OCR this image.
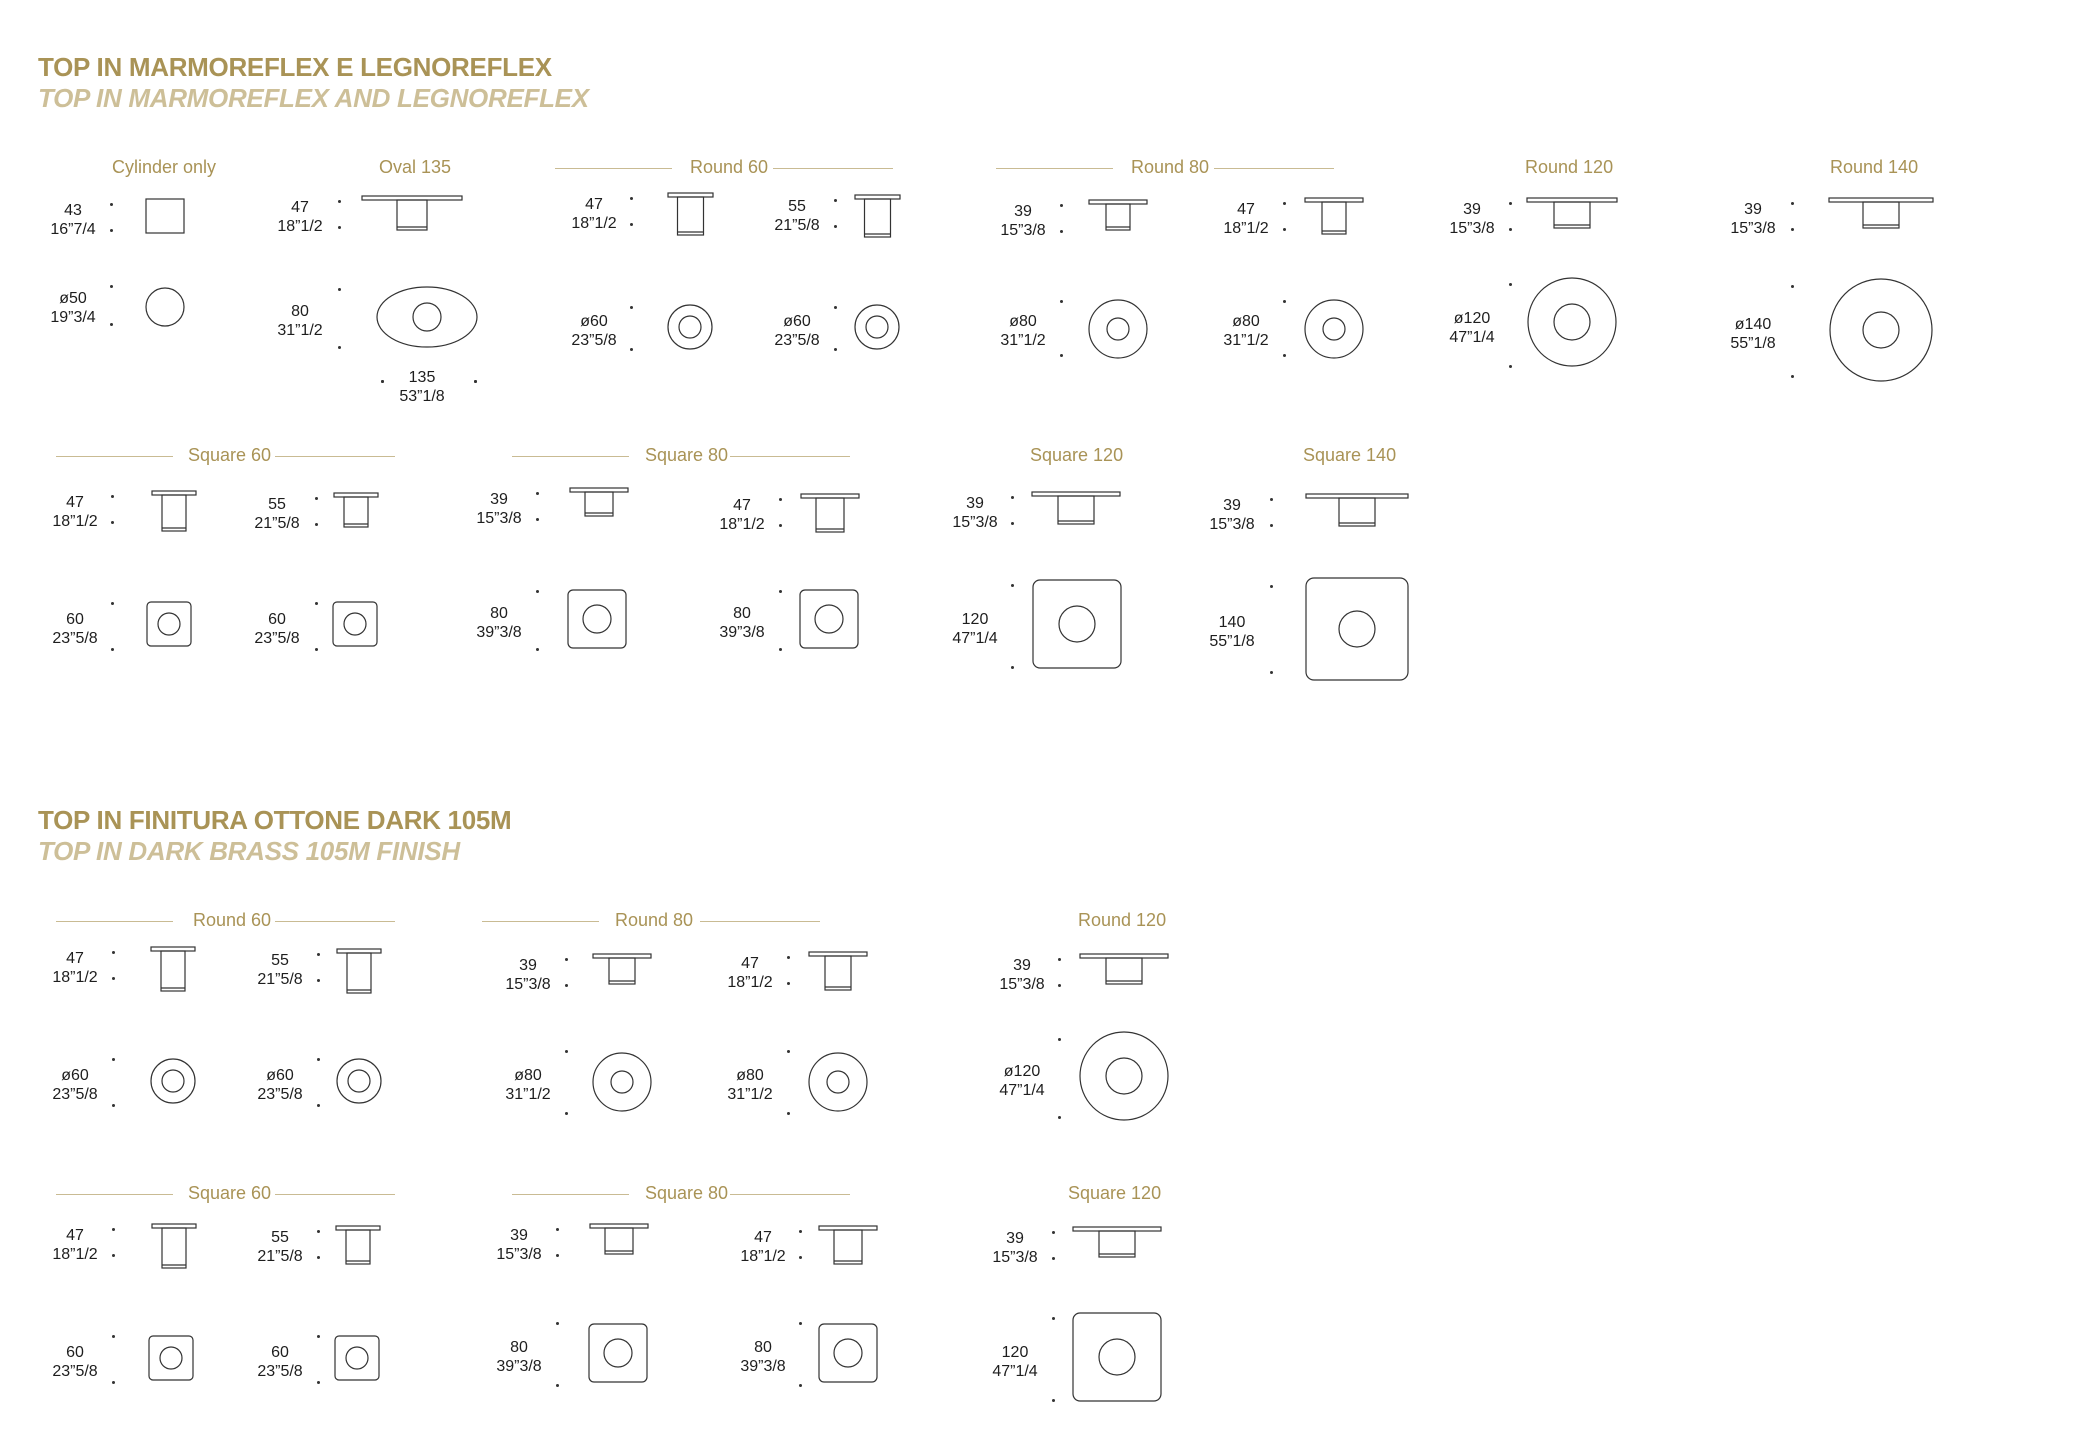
TOP IN MARMOREFLEX E LEGNOREFLEX
TOP IN MARMOREFLEX AND LEGNOREFLEX
TOP IN FINITURA OTTONE DARK 105M
TOP IN DARK BRASS 105M FINISH
Cylinder only
43
16”7/4
ø50
19”3/4
Oval 135
47
18”1/2
80
31”1/2
135
53”1/8
Round 60
47
18”1/2
ø60
23”5/8
55
21”5/8
ø60
23”5/8
Round 80
39
15”3/8
ø80
31”1/2
47
18”1/2
ø80
31”1/2
Round 120
39
15”3/8
ø120
47”1/4
Round 140
39
15”3/8
ø140
55”1/8
Square 60
47
18”1/2
60
23”5/8
55
21”5/8
60
23”5/8
Square 80
39
15”3/8
80
39”3/8
47
18”1/2
80
39”3/8
Square 120
39
15”3/8
120
47”1/4
Square 140
39
15”3/8
140
55”1/8
Round 60
47
18”1/2
ø60
23”5/8
55
21”5/8
ø60
23”5/8
Round 80
39
15”3/8
ø80
31”1/2
47
18”1/2
ø80
31”1/2
Round 120
39
15”3/8
ø120
47”1/4
Square 60
47
18”1/2
60
23”5/8
55
21”5/8
60
23”5/8
Square 80
39
15”3/8
80
39”3/8
47
18”1/2
80
39”3/8
Square 120
39
15”3/8
120
47”1/4
